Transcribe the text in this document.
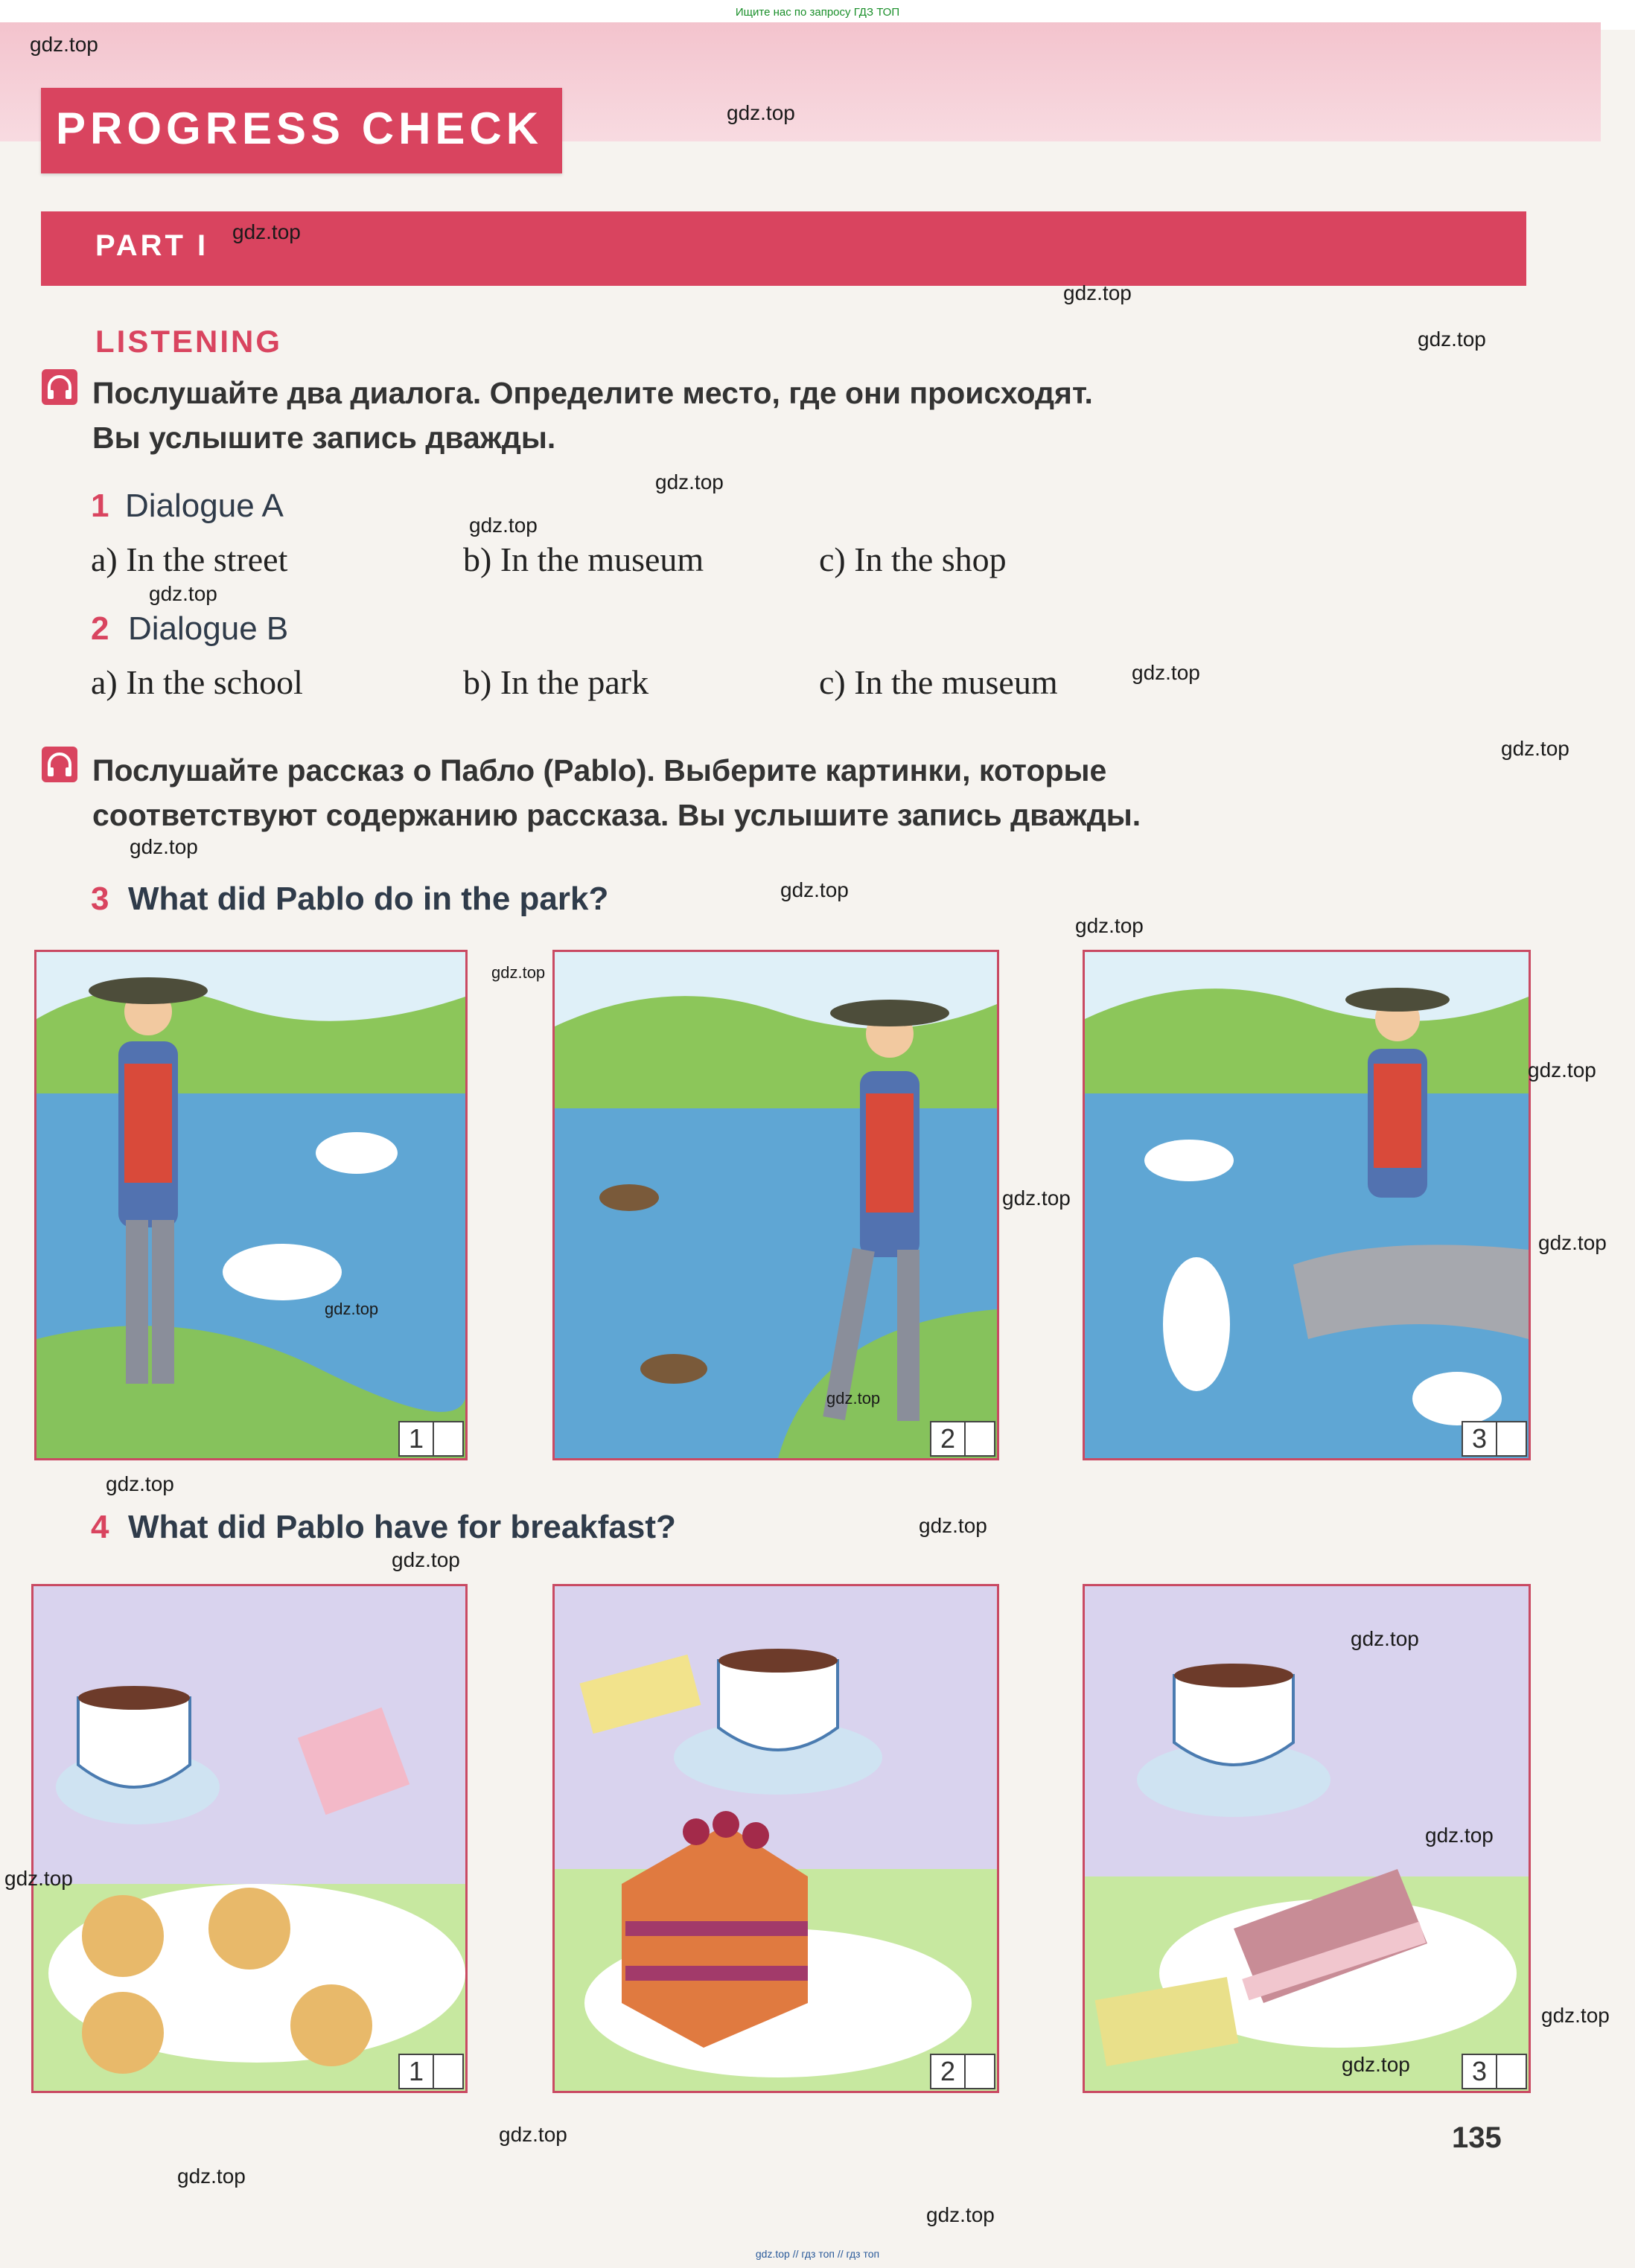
Ищите нас по запросу ГДЗ ТОП
PROGRESS CHECK
PART I
LISTENING
Послушайте два диалога. Определите место, где они происходят.
Вы услышите запись дважды.
1 Dialogue A
a) In the street	b) In the museum	c) In the shop
2 Dialogue B
a) In the school	b) In the park	c) In the museum
Послушайте рассказ о Пабло (Pablo). Выберите картинки, которые
соответствуют содержанию рассказа. Вы услышите запись дважды.
3 What did Pablo do in the park?
1	2	3
4 What did Pablo have for breakfast?
1	2	3
135
gdz.top
gdz.top
gdz.top
gdz.top
gdz.top
gdz.top
gdz.top
gdz.top
gdz.top
gdz.top
gdz.top
gdz.top
gdz.top
gdz.top
gdz.top
gdz.top
gdz.top
gdz.top
gdz.top
gdz.top
gdz.top
gdz.top
gdz.top
gdz.top
gdz.top
gdz.top
gdz.top
gdz.top
gdz.top
gdz.top
gdz.top // гдз топ // гдз топ
